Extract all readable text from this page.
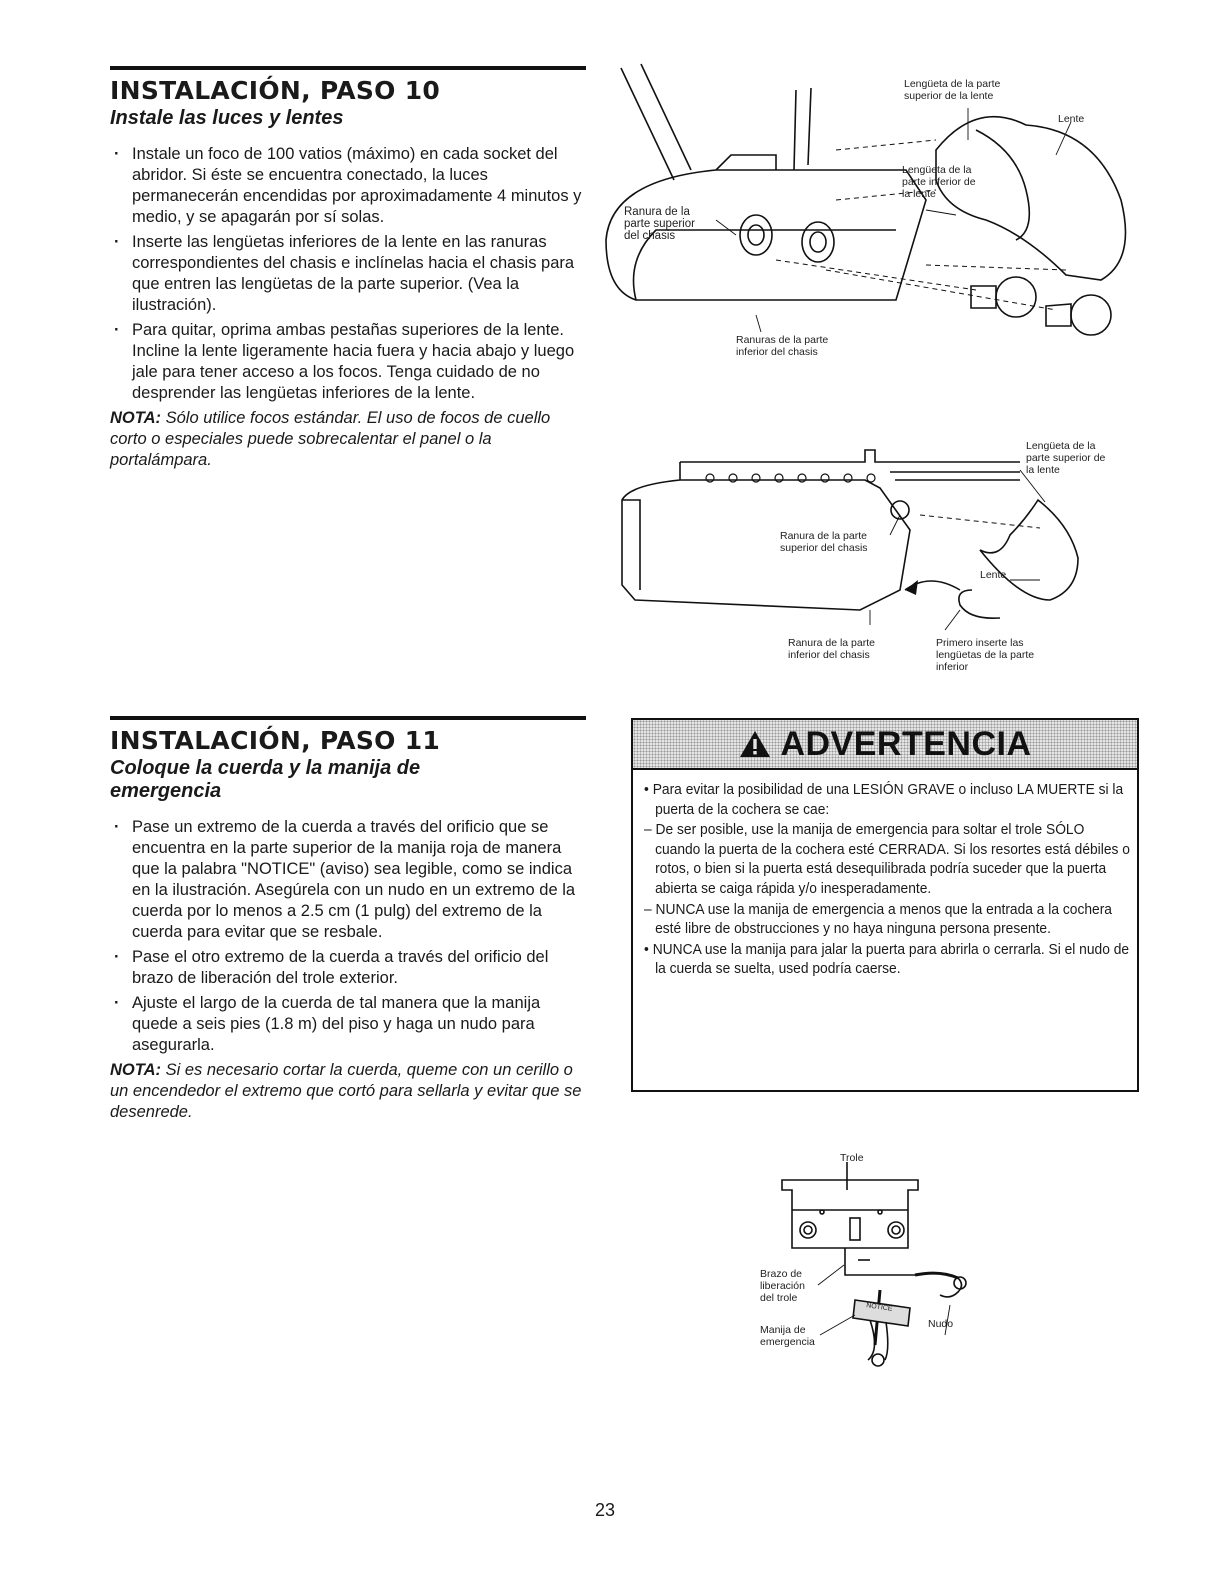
INSTALACIÓN, PASO 10
Instale las luces y lentes
· Instale un foco de 100 vatios (máximo) en cada socket del abridor. Si éste se encuentra conectado, la luces permanecerán encendidas por aproximadamente 4 minutos y medio, y se apagarán por sí solas.
· Inserte las lengüetas inferiores de la lente en las ranuras correspondientes del chasis e inclínelas hacia el chasis para que entren las lengüetas de la parte superior. (Vea la ilustración).
· Para quitar, oprima ambas pestañas superiores de la lente. Incline la lente ligeramente hacia fuera y hacia abajo y luego jale para tener acceso a los focos. Tenga cuidado de no desprender las lengüetas inferiores de la lente.
NOTA: Sólo utilice focos estándar. El uso de focos de cuello corto o especiales puede sobrecalentar el panel o la portalámpara.
Lengüeta de la parte superior de la lente
Lente
Lengüeta de la parte inferior de la lente
Ranura de la parte superior del chasis
Ranuras de la parte inferior del chasis
Lengüeta de la parte superior de la lente
Ranura de la parte superior del chasis
Lente
Ranura de la parte inferior del chasis
Primero inserte las lengüetas de la parte inferior
INSTALACIÓN, PASO 11
Coloque la cuerda y la manija de emergencia
· Pase un extremo de la cuerda a través del orificio que se encuentra en la parte superior de la manija roja de manera que la palabra "NOTICE" (aviso) sea legible, como se indica en la ilustración. Asegúrela con un nudo en un extremo de la cuerda por lo menos a 2.5 cm (1 pulg) del extremo de la cuerda para evitar que se resbale.
· Pase el otro extremo de la cuerda a través del orificio del brazo de liberación del trole exterior.
· Ajuste el largo de la cuerda de tal manera que la manija quede a seis pies (1.8 m) del piso y haga un nudo para asegurarla.
NOTA: Si es necesario cortar la cuerda, queme con un cerillo o un encendedor el extremo que cortó para sellarla y evitar que se desenrede.
ADVERTENCIA

• Para evitar la posibilidad de una LESIÓN GRAVE o incluso LA MUERTE si la puerta de la cochera se cae:

– De ser posible, use la manija de emergencia para soltar el trole SÓLO cuando la puerta de la cochera esté CERRADA. Si los resortes está débiles o rotos, o bien si la puerta está desequilibrada podría suceder que la puerta abierta se caiga rápida y/o inesperadamente.

– NUNCA use la manija de emergencia a menos que la entrada a la cochera esté libre de obstrucciones y no haya ninguna persona presente.

• NUNCA use la manija para jalar la puerta para abrirla o cerrarla. Si el nudo de la cuerda se suelta, used podría caerse.

NOTICE
Trole
Brazo de liberación del trole
Manija de emergencia
Nudo
23
